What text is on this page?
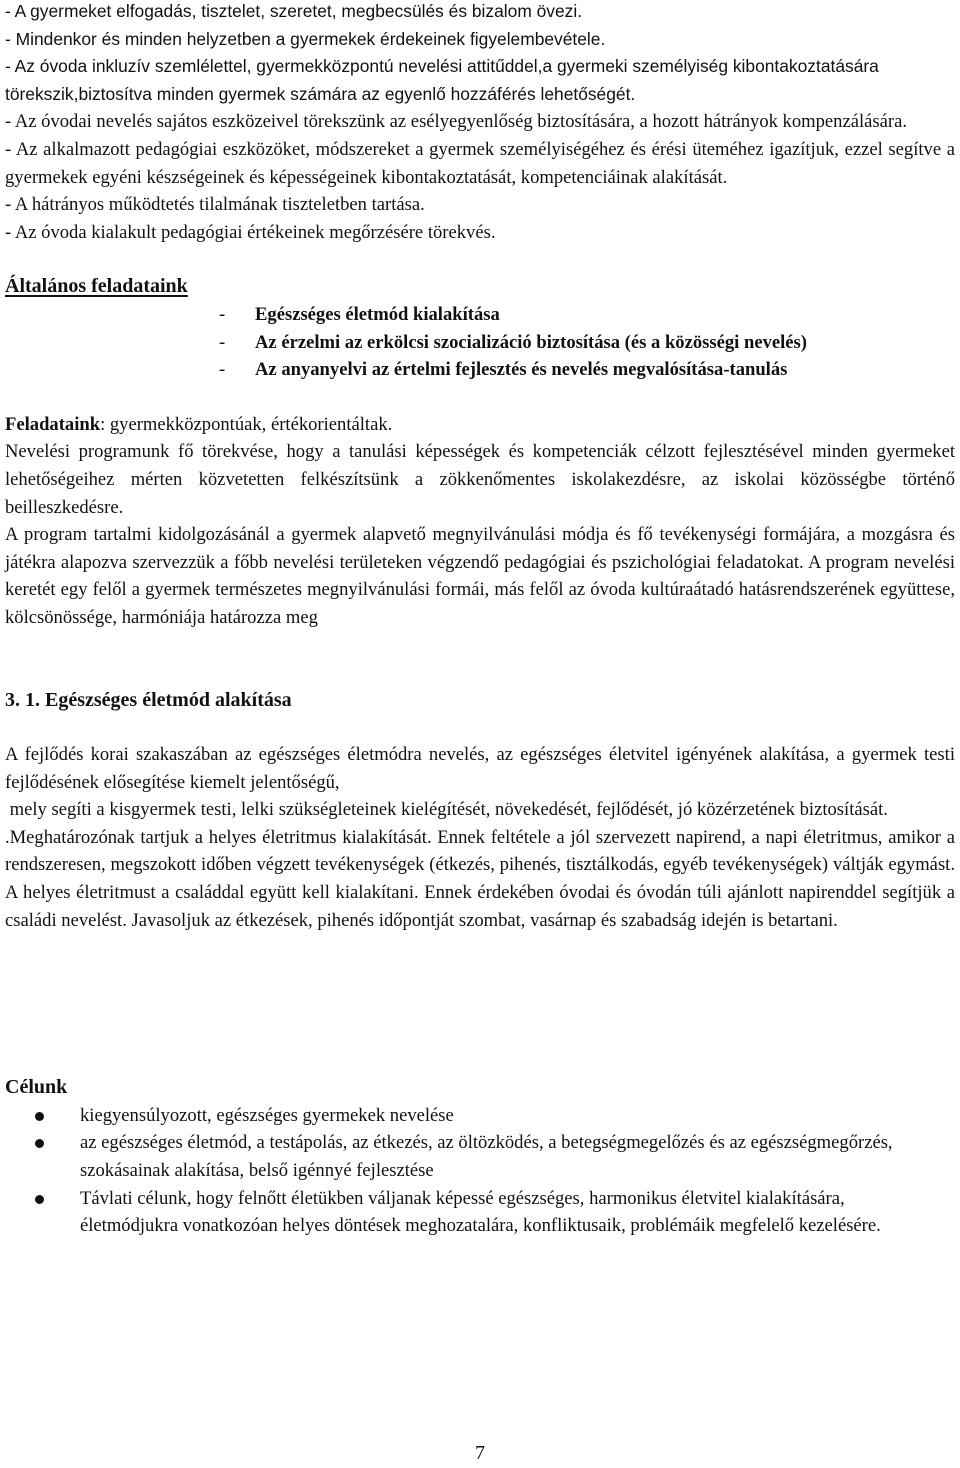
- A gyermeket elfogadás, tisztelet, szeretet, megbecsülés és bizalom övezi.

- Mindenkor és minden helyzetben a gyermekek érdekeinek figyelembevétele.

- Az óvoda inkluzív szemlélettel, gyermekközpontú nevelési attitűddel,a gyermeki személyiség kibontakoztatására törekszik,biztosítva minden gyermek számára az egyenlő hozzáférés lehetőségét.

- Az óvodai nevelés sajátos eszközeivel törekszünk az esélyegyenlőség biztosítására, a hozott hátrányok kompenzálására.

- Az alkalmazott pedagógiai eszközöket, módszereket a gyermek személyiségéhez és érési üteméhez igazítjuk, ezzel segítve a gyermekek egyéni készségeinek és képességeinek kibontakoztatását, kompetenciáinak alakítását.

- A hátrányos működtetés tilalmának tiszteletben tartása.

- Az óvoda kialakult pedagógiai értékeinek megőrzésére törekvés.

Általános feladataink

- Egészséges életmód kialakítása
- Az érzelmi az erkölcsi szocializáció biztosítása (és a közösségi nevelés)
- Az anyanyelvi az értelmi fejlesztés és nevelés megvalósítása-tanulás

Feladataink: gyermekközpontúak, értékorientáltak.

Nevelési programunk fő törekvése, hogy a tanulási képességek és kompetenciák célzott fejlesztésével minden gyermeket lehetőségeihez mérten közvetetten felkészítsünk a zökkenőmentes iskolakezdésre, az iskolai közösségbe történő beilleszkedésre.

A program tartalmi kidolgozásánál a gyermek alapvető megnyilvánulási módja és fő tevékenységi formájára, a mozgásra és játékra alapozva szervezzük a főbb nevelési területeken végzendő pedagógiai és pszichológiai feladatokat. A program nevelési keretét egy felől a gyermek természetes megnyilvánulási formái, más felől az óvoda kultúraátadó hatásrendszerének együttese, kölcsönössége, harmóniája határozza meg

3. 1. Egészséges életmód alakítása

A fejlődés korai szakaszában az egészséges életmódra nevelés, az egészséges életvitel igényének alakítása, a gyermek testi fejlődésének elősegítése kiemelt jelentőségű,

mely segíti a kisgyermek testi, lelki szükségleteinek kielégítését, növekedését, fejlődését, jó közérzetének biztosítását.

.Meghatározónak tartjuk a helyes életritmus kialakítását. Ennek feltétele a jól szervezett napirend, a napi életritmus, amikor a rendszeresen, megszokott időben végzett tevékenységek (étkezés, pihenés, tisztálkodás, egyéb tevékenységek) váltják egymást. A helyes életritmust a családdal együtt kell kialakítani. Ennek érdekében óvodai és óvodán túli ajánlott napirenddel segítjük a családi nevelést. Javasoljuk az étkezések, pihenés időpontját szombat, vasárnap és szabadság idején is betartani.

Célunk

kiegyensúlyozott, egészséges gyermekek nevelése
az egészséges életmód, a testápolás, az étkezés, az öltözködés, a betegségmegelőzés és az egészségmegőrzés, szokásainak alakítása, belső igénnyé fejlesztése
Távlati célunk, hogy felnőtt életükben váljanak képessé egészséges, harmonikus életvitel kialakítására, életmódjukra vonatkozóan helyes döntések meghozatalára, konfliktusaik, problémáik megfelelő kezelésére.
7
